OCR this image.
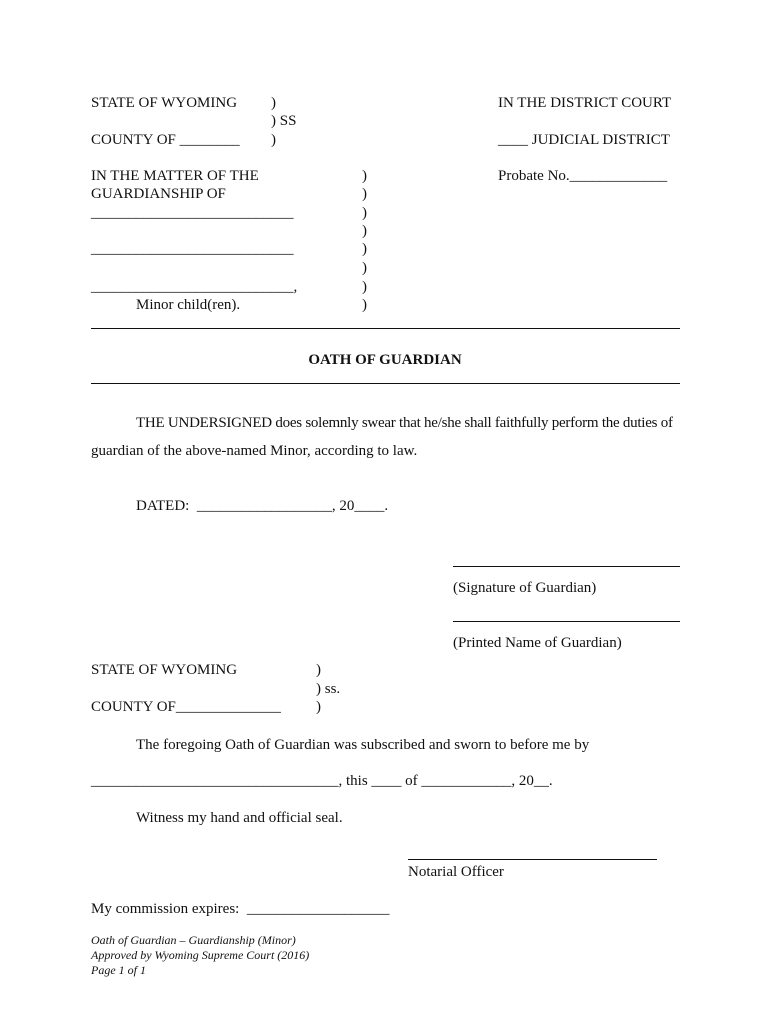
STATE OF WYOMING
COUNTY OF ________
)
) SS
)
IN THE DISTRICT COURT
____ JUDICIAL DISTRICT
IN THE MATTER OF THE
GUARDIANSHIP OF
___________________________
___________________________
___________________________,
Minor child(ren).
)
)
)
)
)
)
)
)
Probate No._____________
OATH OF GUARDIAN
THE UNDERSIGNED does solemnly swear that he/she shall faithfully perform the duties of
guardian of the above-named Minor, according to law.
DATED:  __________________, 20____.
(Signature of Guardian)
(Printed Name of Guardian)
STATE OF WYOMING
COUNTY OF______________
)
) ss.
)
The foregoing Oath of Guardian was subscribed and sworn to before me by
_________________________________, this ____ of ____________, 20__.
Witness my hand and official seal.
Notarial Officer
My commission expires:  ___________________
Oath of Guardian – Guardianship (Minor)
Approved by Wyoming Supreme Court (2016)
Page 1 of 1
